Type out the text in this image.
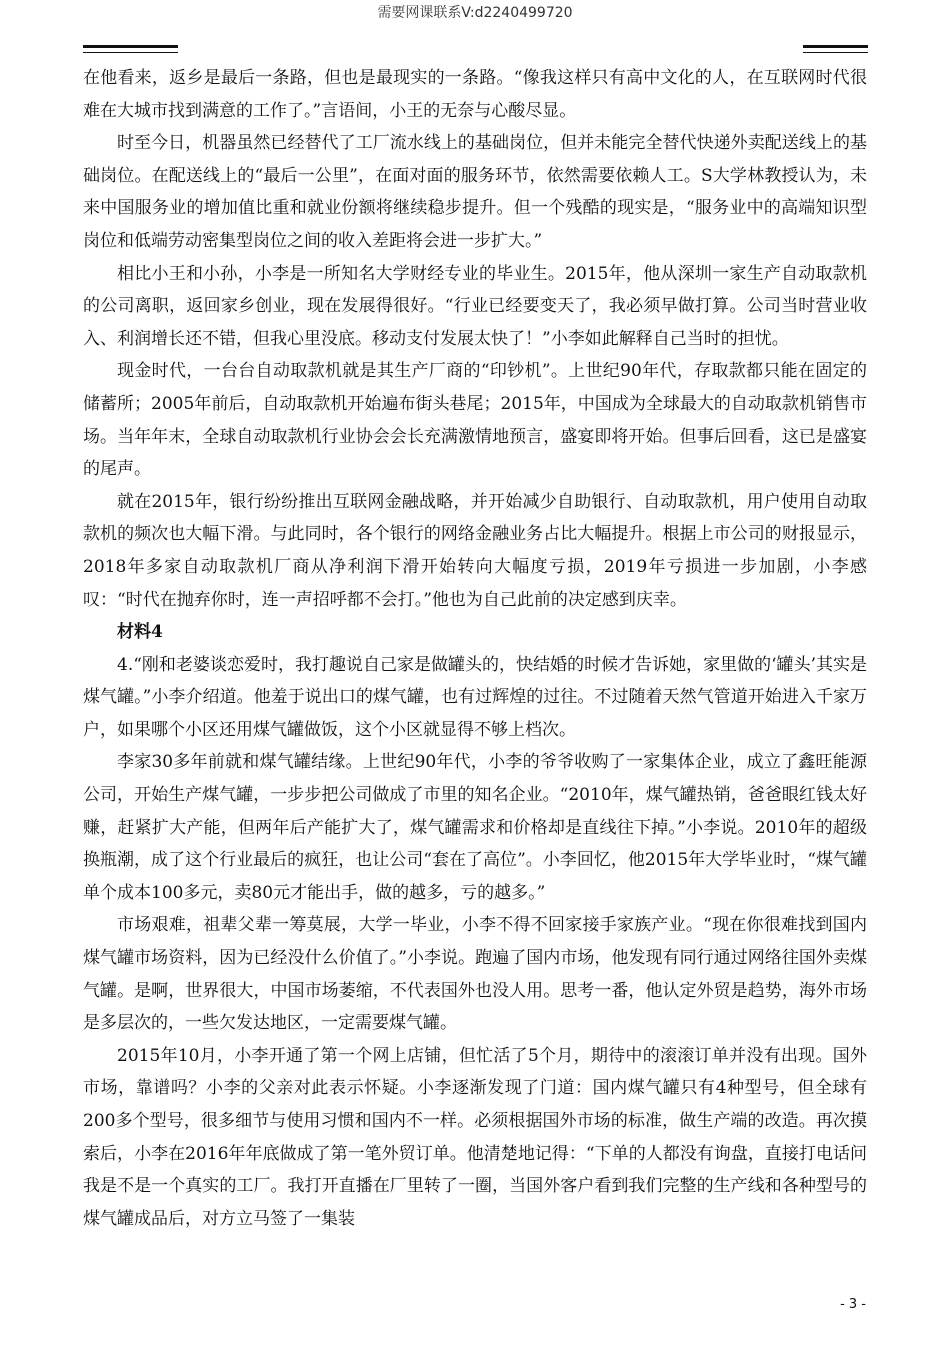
需要网课联系V:d2240499720

在他看来，返乡是最后一条路，但也是最现实的一条路。“像我这样只有高中文化的人，在互联网时代很难在大城市找到满意的工作了。”言语间，小王的无奈与心酸尽显。

时至今日，机器虽然已经替代了工厂流水线上的基础岗位，但并未能完全替代快递外卖配送线上的基础岗位。在配送线上的“最后一公里”，在面对面的服务环节，依然需要依赖人工。S大学林教授认为，未来中国服务业的增加值比重和就业份额将继续稳步提升。但一个残酷的现实是，“服务业中的高端知识型岗位和低端劳动密集型岗位之间的收入差距将会进一步扩大。”

相比小王和小孙，小李是一所知名大学财经专业的毕业生。2015年，他从深圳一家生产自动取款机的公司离职，返回家乡创业，现在发展得很好。“行业已经要变天了，我必须早做打算。公司当时营业收入、利润增长还不错，但我心里没底。移动支付发展太快了！”小李如此解释自己当时的担忧。

现金时代，一台台自动取款机就是其生产厂商的“印钞机”。上世纪90年代，存取款都只能在固定的储蓄所；2005年前后，自动取款机开始遍布街头巷尾；2015年，中国成为全球最大的自动取款机销售市场。当年年末，全球自动取款机行业协会会长充满激情地预言，盛宴即将开始。但事后回看，这已是盛宴的尾声。

就在2015年，银行纷纷推出互联网金融战略，并开始减少自助银行、自动取款机，用户使用自动取款机的频次也大幅下滑。与此同时，各个银行的网络金融业务占比大幅提升。根据上市公司的财报显示，2018年多家自动取款机厂商从净利润下滑开始转向大幅度亏损，2019年亏损进一步加剧，小李感叹：“时代在抛弃你时，连一声招呼都不会打。”他也为自己此前的决定感到庆幸。

材料4

4.“刚和老婆谈恋爱时，我打趣说自己家是做罐头的，快结婚的时候才告诉她，家里做的‘罐头’其实是煤气罐。”小李介绍道。他羞于说出口的煤气罐，也有过辉煌的过往。不过随着天然气管道开始进入千家万户，如果哪个小区还用煤气罐做饭，这个小区就显得不够上档次。

李家30多年前就和煤气罐结缘。上世纪90年代，小李的爷爷收购了一家集体企业，成立了鑫旺能源公司，开始生产煤气罐，一步步把公司做成了市里的知名企业。“2010年，煤气罐热销，爸爸眼红钱太好赚，赶紧扩大产能，但两年后产能扩大了，煤气罐需求和价格却是直线往下掉。”小李说。2010年的超级换瓶潮，成了这个行业最后的疯狂，也让公司“套在了高位”。小李回忆，他2015年大学毕业时，“煤气罐单个成本100多元，卖80元才能出手，做的越多，亏的越多。”

市场艰难，祖辈父辈一筹莫展，大学一毕业，小李不得不回家接手家族产业。“现在你很难找到国内煤气罐市场资料，因为已经没什么价值了。”小李说。跑遍了国内市场，他发现有同行通过网络往国外卖煤气罐。是啊，世界很大，中国市场萎缩，不代表国外也没人用。思考一番，他认定外贸是趋势，海外市场是多层次的，一些欠发达地区，一定需要煤气罐。

2015年10月，小李开通了第一个网上店铺，但忙活了5个月，期待中的滚滚订单并没有出现。国外市场，靠谱吗？小李的父亲对此表示怀疑。小李逐渐发现了门道：国内煤气罐只有4种型号，但全球有200多个型号，很多细节与使用习惯和国内不一样。必须根据国外市场的标准，做生产端的改造。再次摸索后，小李在2016年年底做成了第一笔外贸订单。他清楚地记得：“下单的人都没有询盘，直接打电话问我是不是一个真实的工厂。我打开直播在厂里转了一圈，当国外客户看到我们完整的生产线和各种型号的煤气罐成品后，对方立马签了一集装

- 3 -
